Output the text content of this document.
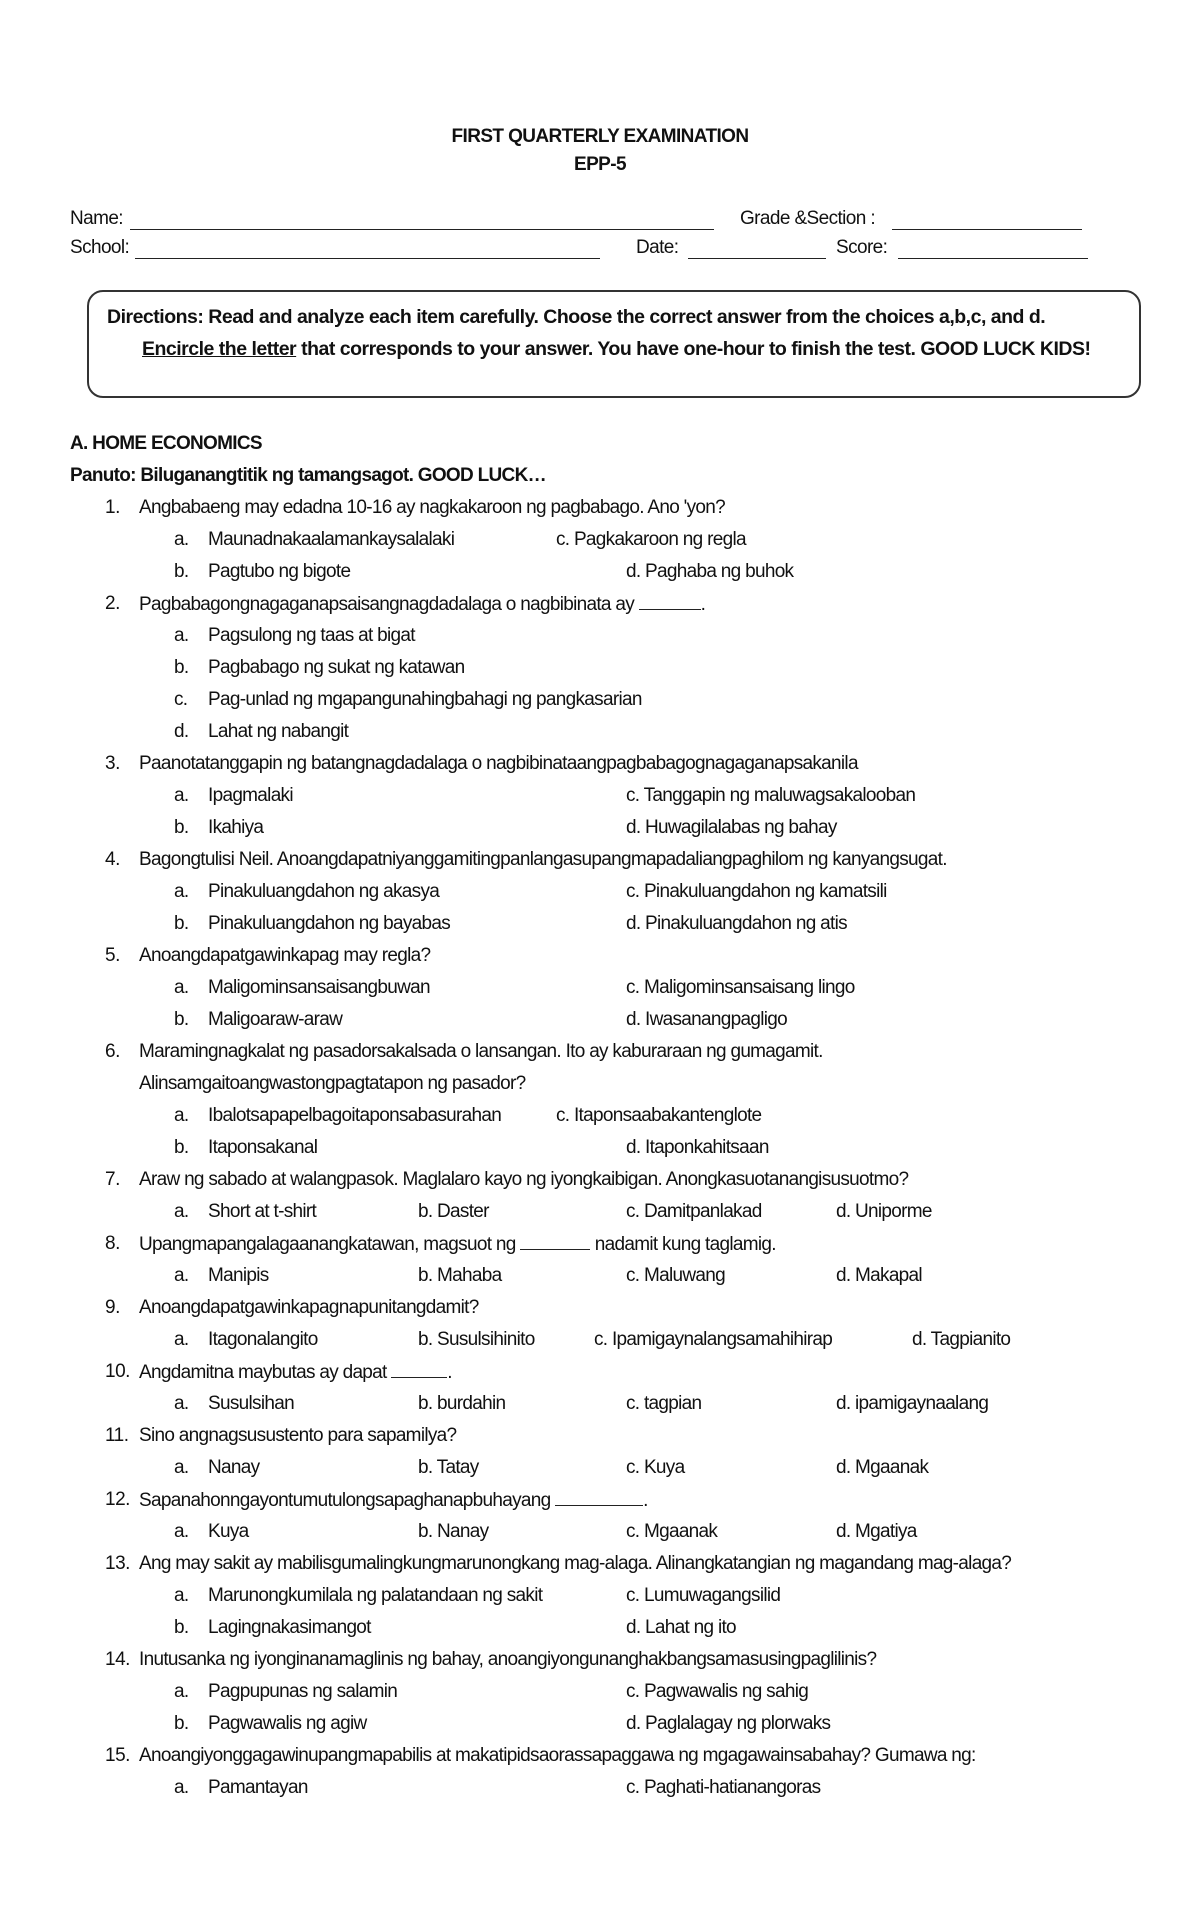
FIRST QUARTERLY EXAMINATION
EPP-5
Name:	Grade &Section :
School:	Date:	Score:
Directions: Read and analyze each item carefully. Choose the correct answer from the choices a,b,c, and d.
Encircle the letter that corresponds to your answer. You have one-hour to finish the test. GOOD LUCK KIDS!
A. HOME ECONOMICS
Panuto: Biluganangtitik ng tamangsagot. GOOD LUCK…
1. Angbabaeng may edadna 10-16 ay nagkakaroon ng pagbabago. Ano 'yon?
a. Maunadnakaalamankaysalalaki	c. Pagkakaroon ng regla
b. Pagtubo ng bigote	d. Paghaba ng buhok
2. Pagbabagongnagaganapsaisangnagdadalaga o nagbibinata ay	.
a. Pagsulong ng taas at bigat
b. Pagbabago ng sukat ng katawan
c. Pag-unlad ng mgapangunahingbahagi ng pangkasarian
d. Lahat ng nabangit
3. Paanotatanggapin ng batangnagdadalaga o nagbibinataangpagbabagognagaganapsakanila
a. Ipagmalaki	c. Tanggapin ng maluwagsakalooban
b. Ikahiya	d. Huwagilalabas ng bahay
4. Bagongtulisi Neil. Anoangdapatniyanggamitingpanlangasupangmapadaliangpaghilom ng kanyangsugat.
a. Pinakuluangdahon ng akasya	c. Pinakuluangdahon ng kamatsili
b. Pinakuluangdahon ng bayabas	d. Pinakuluangdahon ng atis
5. Anoangdapatgawinkapag may regla?
a. Maligominsansaisangbuwan	c. Maligominsansaisang lingo
b. Maligoaraw-araw	d. Iwasanangpagligo
6. Maramingnagkalat ng pasadorsakalsada o lansangan. Ito ay kaburaraan ng gumagamit.
Alinsamgaitoangwastongpagtatapon ng pasador?
a. Ibalotsapapelbagoitaponsabasurahan	c. Itaponsaabakantenglote
b. Itaponsakanal	d. Itaponkahitsaan
7. Araw ng sabado at walangpasok. Maglalaro kayo ng iyongkaibigan. Anongkasuotanangisusuotmo?
a. Short at t-shirt	b. Daster	c. Damitpanlakad	d. Uniporme
8. Upangmapangalagaanangkatawan, magsuot ng	nadamit kung taglamig.
a. Manipis	b. Mahaba	c. Maluwang	d. Makapal
9. Anoangdapatgawinkapagnapunitangdamit?
a. Itagonalangito	b. Susulsihinito	c. Ipamigaynalangsamahihirap	d. Tagpianito
10. Angdamitna maybutas ay dapat	.
a. Susulsihan	b. burdahin	c. tagpian	d. ipamigaynaalang
11. Sino angnagsusustento para sapamilya?
a. Nanay	b. Tatay	c. Kuya	d. Mgaanak
12. Sapanahonngayontumutulongsapaghanapbuhayang	.
a. Kuya	b. Nanay	c. Mgaanak	d. Mgatiya
13. Ang may sakit ay mabilisgumalingkungmarunongkang mag-alaga. Alinangkatangian ng magandang mag-alaga?
a. Marunongkumilala ng palatandaan ng sakit	c. Lumuwagangsilid
b. Lagingnakasimangot	d. Lahat ng ito
14. Inutusanka ng iyonginanamaglinis ng bahay, anoangiyongunanghakbangsamasusingpaglilinis?
a. Pagpupunas ng salamin	c. Pagwawalis ng sahig
b. Pagwawalis ng agiw	d. Paglalagay ng plorwaks
15. Anoangiyonggagawinupangmapabilis at makatipidsaorassapaggawa ng mgagawainsabahay? Gumawa ng:
a. Pamantayan	c. Paghati-hatianangoras
